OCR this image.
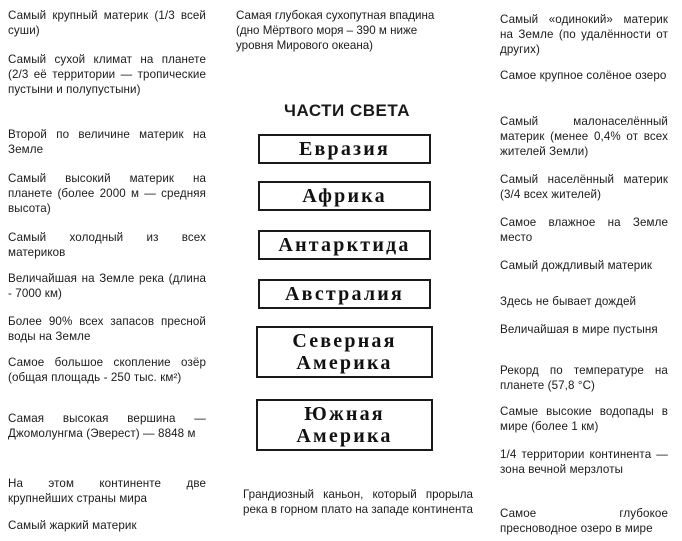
Самый крупный материк (1/3 всей суши)
Самый сухой климат на планете (2/3 её территории — тропические пустыни и полупустыни)
Второй по величине материк на Земле
Самый высокий материк на планете (более 2000 м — средняя высота)
Самый холодный из всех материков
Величайшая на Земле река (длина - 7000 км)
Более 90% всех запасов пресной воды на Земле
Самое большое скопление озёр (общая площадь - 250 тыс. км²)
Самая высокая вершина — Джомолунгма (Эверест) — 8848 м
На этом континенте две крупнейших страны мира
Самый жаркий материк
Самая глубокая сухопутная впадина (дно Мёртвого моря – 390 м ниже уровня Мирового океана)
ЧАСТИ СВЕТА
Евразия
Африка
Антарктида
Австралия
Северная
Америка
Южная
Америка
Грандиозный каньон, который прорыла река в горном плато на западе континента
Самый «одинокий» материк на Земле (по удалённости от других)
Самое крупное солёное озеро
Самый малонаселённый материк (менее 0,4% от всех жителей Земли)
Самый населённый материк (3/4 всех жителей)
Самое влажное на Земле место
Самый дождливый материк
Здесь не бывает дождей
Величайшая в мире пустыня
Рекорд по температуре на планете (57,8 °С)
Самые высокие водопады в мире (более 1 км)
1/4 территории континента — зона вечной мерзлоты
Самое глубокое пресноводное озеро в мире
